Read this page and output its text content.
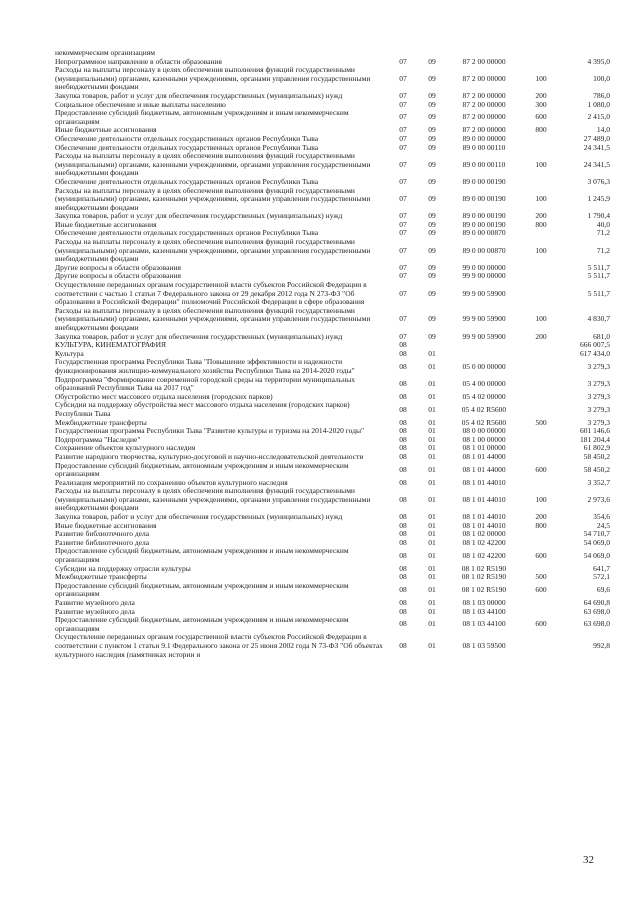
некоммерческим организациям					
Непрограммное направление в области образования	07	09	87 2 00 00000		4 395,0
Расходы на выплаты персоналу в целях обеспечения выполнения функций государственными (муниципальными) органами, казенными учреждениями, органами управления государственными внебюджетными фондами	07	09	87 2 00 00000	100	100,0
Закупка товаров, работ и услуг для обеспечения государственных (муниципальных) нужд	07	09	87 2 00 00000	200	786,0
Социальное обеспечение и иные выплаты населению	07	09	87 2 00 00000	300	1 080,0
Предоставление субсидий бюджетным, автономным учреждениям и иным некоммерческим организациям	07	09	87 2 00 00000	600	2 415,0
Иные бюджетные ассигнования	07	09	87 2 00 00000	800	14,0
Обеспечение деятельности отдельных государственных органов Республики Тыва	07	09	89 0 00 00000		27 489,0
Обеспечение деятельности отдельных государственных органов Республики Тыва	07	09	89 0 00 00110		24 341,5
Расходы на выплаты персоналу в целях обеспечения выполнения функций государственными (муниципальными) органами, казенными учреждениями, органами управления государственными внебюджетными фондами	07	09	89 0 00 00110	100	24 341,5
Обеспечение деятельности отдельных государственных органов Республики Тыва	07	09	89 0 00 00190		3 076,3
Расходы на выплаты персоналу в целях обеспечения выполнения функций государственными (муниципальными) органами, казенными учреждениями, органами управления государственными внебюджетными фондами	07	09	89 0 00 00190	100	1 245,9
Закупка товаров, работ и услуг для обеспечения государственных (муниципальных) нужд	07	09	89 0 00 00190	200	1 790,4
Иные бюджетные ассигнования	07	09	89 0 00 00190	800	40,0
Обеспечение деятельности отдельных государственных органов Республики Тыва	07	09	89 0 00 00870		71,2
Расходы на выплаты персоналу в целях обеспечения выполнения функций государственными (муниципальными) органами, казенными учреждениями, органами управления государственными внебюджетными фондами	07	09	89 0 00 00870	100	71,2
Другие вопросы в области образования	07	09	99 0 00 00000		5 511,7
Другие вопросы в области образования	07	09	99 9 00 00000		5 511,7
Осуществление переданных органам государственной власти субъектов Российской Федерации в соответствии с частью 1 статьи 7 Федерального закона от 29 декабря 2012 года N 273-ФЗ "Об образовании в Российской Федерации" полномочий Российской Федерации в сфере образования	07	09	99 9 00 59900		5 511,7
Расходы на выплаты персоналу в целях обеспечения выполнения функций государственными (муниципальными) органами, казенными учреждениями, органами управления государственными внебюджетными фондами	07	09	99 9 00 59900	100	4 830,7
Закупка товаров, работ и услуг для обеспечения государственных (муниципальных) нужд	07	09	99 9 00 59900	200	681,0
КУЛЬТУРА, КИНЕМАТОГРАФИЯ	08				666 007,5
Культура	08	01			617 434,0
Государственная программа Республики Тыва "Повышение эффективности и надежности функционирования жилищно-коммунального хозяйства Республики Тыва на 2014-2020 годы"	08	01	05 0 00 00000		3 279,3
Подпрограмма "Формирование современной городской среды на территории муниципальных образований Республики Тыва на 2017 год"	08	01	05 4 00 00000		3 279,3
Обустройство мест массового отдыха населения (городских парков)	08	01	05 4 02 00000		3 279,3
Субсидии на поддержку обустройства мест массового отдыха населения (городских парков) Республики Тыва	08	01	05 4 02 R5600		3 279,3
Межбюджетные трансферты	08	01	05 4 02 R5600	500	3 279,3
Государственная программа Республики Тыва "Развитие культуры и туризма на 2014-2020 годы"	08	01	08 0 00 00000		601 146,6
Подпрограмма "Наследие"	08	01	08 1 00 00000		181 204,4
Сохранение объектов культурного наследия	08	01	08 1 01 00000		61 802,9
Развитие народного творчества, культурно-досуговой и научно-исследовательской деятельности	08	01	08 1 01 44000		58 450,2
Предоставление субсидий бюджетным, автономным учреждениям и иным некоммерческим организациям	08	01	08 1 01 44000	600	58 450,2
Реализация мероприятий по сохранению объектов культурного наследия	08	01	08 1 01 44010		3 352,7
Расходы на выплаты персоналу в целях обеспечения выполнения функций государственными (муниципальными) органами, казенными учреждениями, органами управления государственными внебюджетными фондами	08	01	08 1 01 44010	100	2 973,6
Закупка товаров, работ и услуг для обеспечения государственных (муниципальных) нужд	08	01	08 1 01 44010	200	354,6
Иные бюджетные ассигнования	08	01	08 1 01 44010	800	24,5
Развитие библиотечного дела	08	01	08 1 02 00000		54 710,7
Развитие библиотечного дела	08	01	08 1 02 42200		54 069,0
Предоставление субсидий бюджетным, автономным учреждениям и иным некоммерческим организациям	08	01	08 1 02 42200	600	54 069,0
Субсидии на поддержку отрасли культуры	08	01	08 1 02 R5190		641,7
Межбюджетные трансферты	08	01	08 1 02 R5190	500	572,1
Предоставление субсидий бюджетным, автономным учреждениям и иным некоммерческим организациям	08	01	08 1 02 R5190	600	69,6
Развитие музейного дела	08	01	08 1 03 00000		64 690,8
Развитие музейного дела	08	01	08 1 03 44100		63 698,0
Предоставление субсидий бюджетным, автономным учреждениям и иным некоммерческим организациям	08	01	08 1 03 44100	600	63 698,0
Осуществление переданных органам государственной власти субъектов Российской Федерации в соответствии с пунктом 1 статьи 9.1 Федерального закона от 25 июня 2002 года N 73-ФЗ "Об объектах культурного наследия (памятниках истории и	08	01	08 1 03 59500		992,8
32
